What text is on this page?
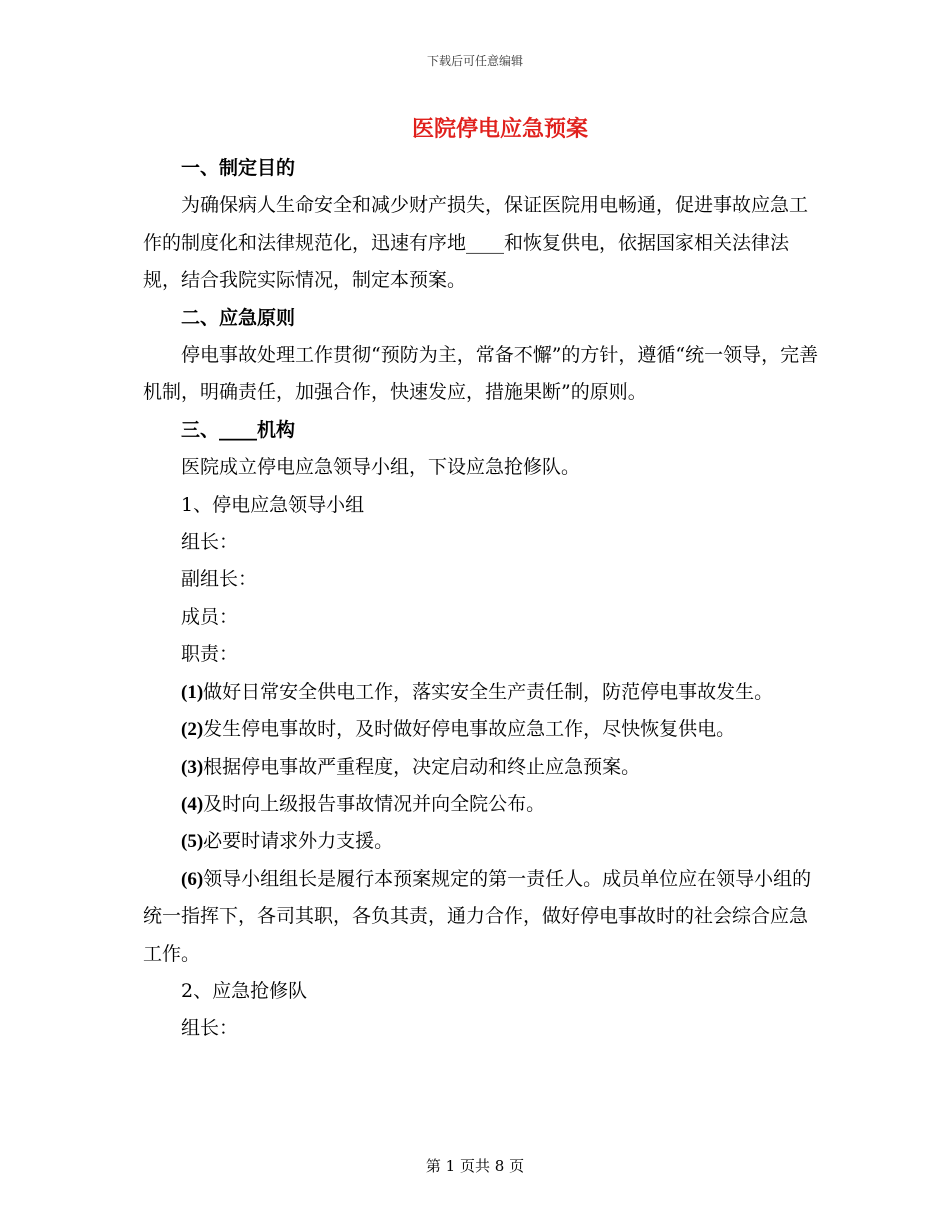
下载后可任意编辑
医院停电应急预案

一、制定目的

为确保病人生命安全和减少财产损失，保证医院用电畅通，促进事故应急工作的制度化和法律规范化，迅速有序地____和恢复供电，依据国家相关法律法规，结合我院实际情况，制定本预案。

二、应急原则

停电事故处理工作贯彻“预防为主，常备不懈”的方针，遵循“统一领导，完善机制，明确责任，加强合作，快速发应，措施果断”的原则。

三、____机构

医院成立停电应急领导小组，下设应急抢修队。

1、停电应急领导小组

组长：

副组长：

成员：

职责：

(1)做好日常安全供电工作，落实安全生产责任制，防范停电事故发生。

(2)发生停电事故时，及时做好停电事故应急工作，尽快恢复供电。

(3)根据停电事故严重程度，决定启动和终止应急预案。

(4)及时向上级报告事故情况并向全院公布。

(5)必要时请求外力支援。

(6)领导小组组长是履行本预案规定的第一责任人。成员单位应在领导小组的统一指挥下，各司其职，各负其责，通力合作，做好停电事故时的社会综合应急工作。

2、应急抢修队

组长：

第 1 页共 8 页
